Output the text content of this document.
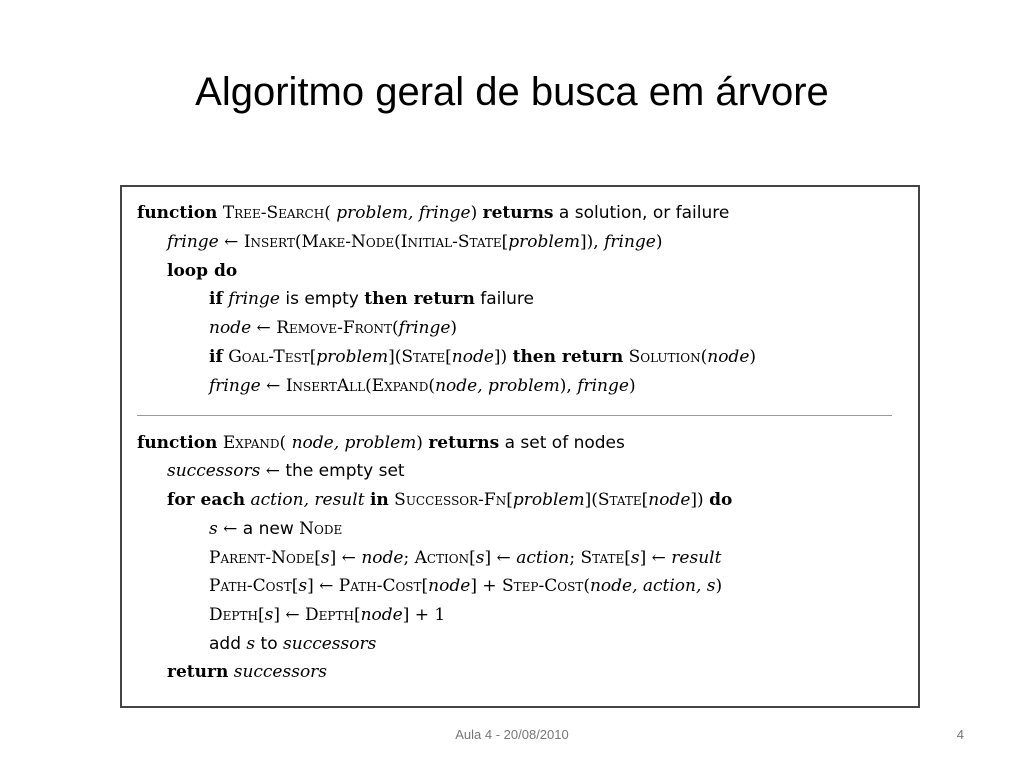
Algoritmo geral de busca em árvore
function Tree-Search( problem, fringe) returns a solution, or failure
fringe ← Insert(Make-Node(Initial-State[problem]), fringe)
loop do
if fringe is empty then return failure
node ← Remove-Front(fringe)
if Goal-Test[problem](State[node]) then return Solution(node)
fringe ← InsertAll(Expand(node, problem), fringe)
function Expand( node, problem) returns a set of nodes
successors ← the empty set
for each action, result in Successor-Fn[problem](State[node]) do
s ← a new Node
Parent-Node[s] ← node; Action[s] ← action; State[s] ← result
Path-Cost[s] ← Path-Cost[node] + Step-Cost(node, action, s)
Depth[s] ← Depth[node] + 1
add s to successors
return successors
Aula 4 - 20/08/2010	4
